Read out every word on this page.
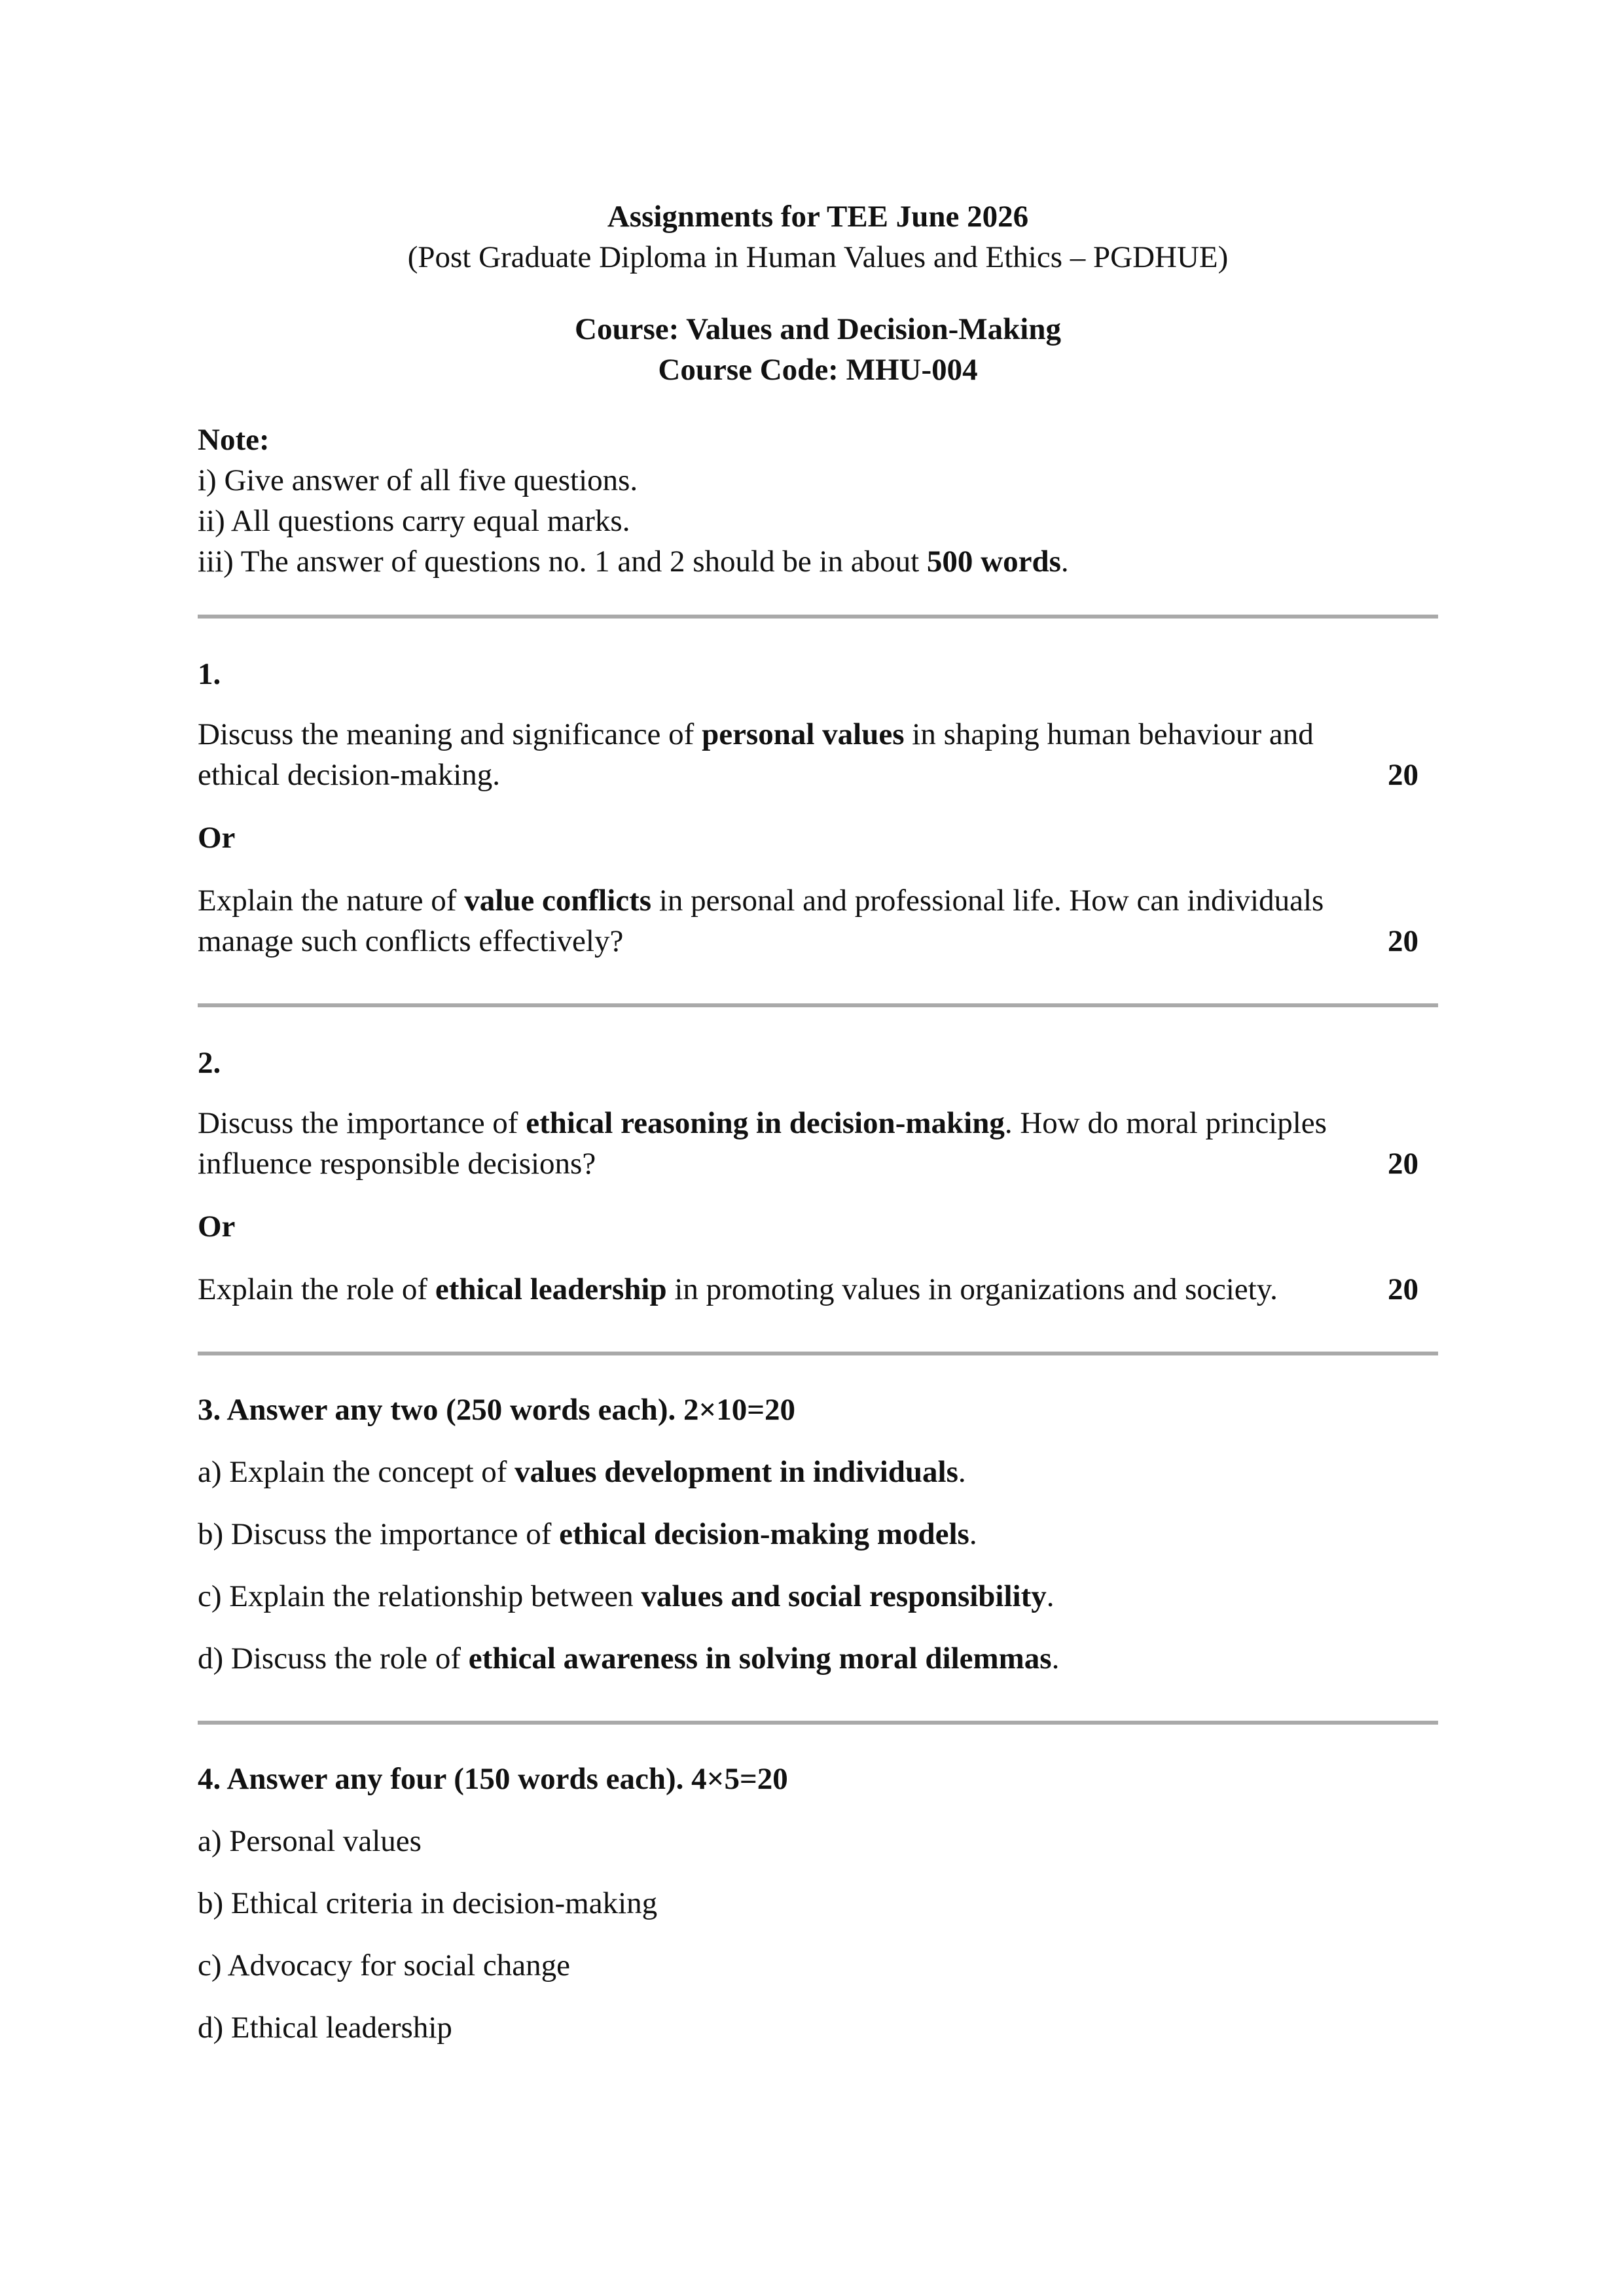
Assignments for TEE June 2026

(Post Graduate Diploma in Human Values and Ethics – PGDHUE)

Course: Values and Decision-Making

Course Code: MHU-004

Note:

i) Give answer of all five questions.

ii) All questions carry equal marks.

iii) The answer of questions no. 1 and 2 should be in about 500 words.

1.

Discuss the meaning and significance of personal values in shaping human behaviour and

ethical decision-making.	20

Or

Explain the nature of value conflicts in personal and professional life. How can individuals

manage such conflicts effectively?	20

2.

Discuss the importance of ethical reasoning in decision-making. How do moral principles

influence responsible decisions?	20

Or

Explain the role of ethical leadership in promoting values in organizations and society.	20

3. Answer any two (250 words each). 2×10=20

a) Explain the concept of values development in individuals.

b) Discuss the importance of ethical decision-making models.

c) Explain the relationship between values and social responsibility.

d) Discuss the role of ethical awareness in solving moral dilemmas.

4. Answer any four (150 words each). 4×5=20

a) Personal values

b) Ethical criteria in decision-making

c) Advocacy for social change

d) Ethical leadership
